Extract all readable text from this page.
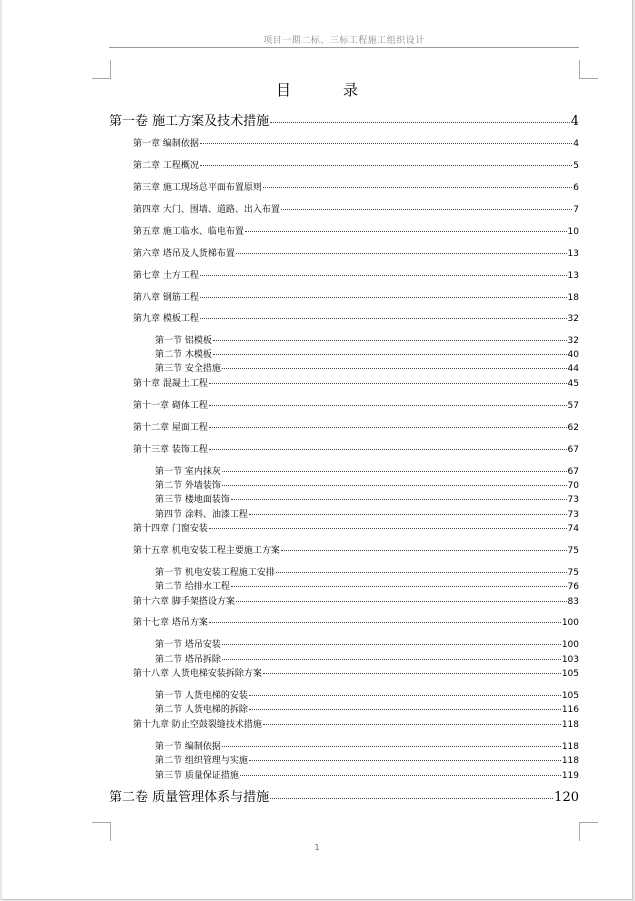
项目一期二标、三标工程施工组织设计
目	录
第一卷 施工方案及技术措施	4
第一章 编制依据	4
第二章 工程概况	5
第三章 施工现场总平面布置原则	6
第四章 大门、围墙、道路、出入布置	7
第五章 施工临水、临电布置	10
第六章 塔吊及人货梯布置	13
第七章 土方工程	13
第八章 钢筋工程	18
第九章 模板工程	32
第一节 铝模板	32
第二节 木模板	40
第三节 安全措施	44
第十章 混凝土工程	45
第十一章 砌体工程	57
第十二章 屋面工程	62
第十三章 装饰工程	67
第一节 室内抹灰	67
第二节 外墙装饰	70
第三节 楼地面装饰	73
第四节 涂料、油漆工程	73
第十四章 门窗安装	74
第十五章 机电安装工程主要施工方案	75
第一节 机电安装工程施工安排	75
第二节 给排水工程	76
第十六章 脚手架搭设方案	83
第十七章 塔吊方案	100
第一节 塔吊安装	100
第二节 塔吊拆除	103
第十八章 人货电梯安装拆除方案	105
第一节 人货电梯的安装	105
第二节 人货电梯的拆除	116
第十九章 防止空鼓裂缝技术措施	118
第一节 编制依据	118
第二节 组织管理与实施	118
第三节 质量保证措施	119
第二卷 质量管理体系与措施	120
1
